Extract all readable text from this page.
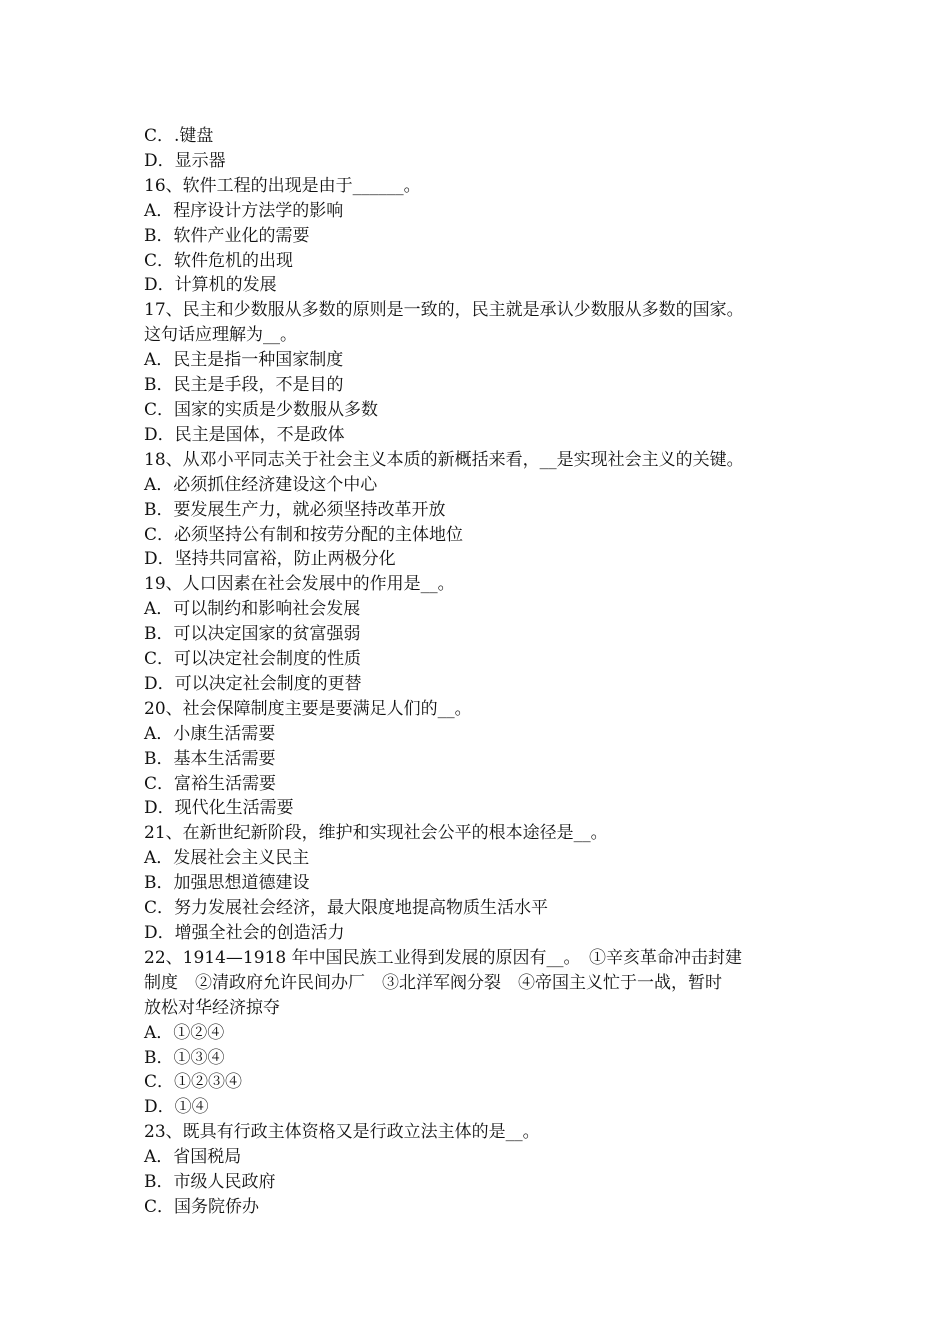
C．.键盘

D．显示器

16、软件工程的出现是由于______。

A．程序设计方法学的影响

B．软件产业化的需要

C．软件危机的出现

D．计算机的发展

17、民主和少数服从多数的原则是一致的，民主就是承认少数服从多数的国家。

这句话应理解为__。

A．民主是指一种国家制度

B．民主是手段，不是目的

C．国家的实质是少数服从多数

D．民主是国体，不是政体

18、从邓小平同志关于社会主义本质的新概括来看，__是实现社会主义的关键。

A．必须抓住经济建设这个中心

B．要发展生产力，就必须坚持改革开放

C．必须坚持公有制和按劳分配的主体地位

D．坚持共同富裕，防止两极分化

19、人口因素在社会发展中的作用是__。

A．可以制约和影响社会发展

B．可以决定国家的贫富强弱

C．可以决定社会制度的性质

D．可以决定社会制度的更替

20、社会保障制度主要是要满足人们的__。

A．小康生活需要

B．基本生活需要

C．富裕生活需要

D．现代化生活需要

21、在新世纪新阶段，维护和实现社会公平的根本途径是__。

A．发展社会主义民主

B．加强思想道德建设

C．努力发展社会经济，最大限度地提高物质生活水平

D．增强全社会的创造活力

22、1914—1918 年中国民族工业得到发展的原因有__。　①辛亥革命冲击封建

制度　②清政府允许民间办厂　③北洋军阀分裂　④帝国主义忙于一战，暂时

放松对华经济掠夺

A．①②④

B．①③④

C．①②③④

D．①④

23、既具有行政主体资格又是行政立法主体的是__。

A．省国税局

B．市级人民政府

C．国务院侨办
